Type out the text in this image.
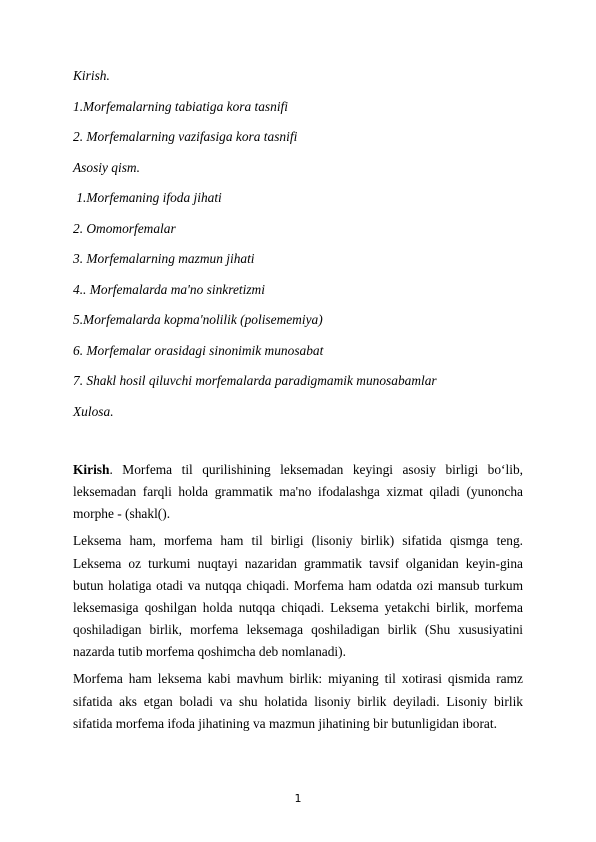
Kirish.
1.Morfemalarning tabiatiga kora tasnifi
2. Morfemalarning vazifasiga kora tasnifi
Asosiy qism.
1.Morfemaning ifoda jihati
2. Omomorfemalar
3. Morfemalarning mazmun jihati
4.. Morfemalarda ma'no sinkretizmi
5.Morfemalarda kopma'nolilik (polisememiya)
6. Morfemalar orasidagi sinonimik munosabat
7. Shakl hosil qiluvchi morfemalarda paradigmamik munosabamlar
Xulosa.

Kirish. Morfema til qurilishining leksemadan keyingi asosiy birligi bo‘lib, leksemadan farqli holda grammatik ma'no ifodalashga xizmat qiladi (yunoncha morphe - (shakl().

Leksema ham, morfema ham til birligi (lisoniy birlik) sifatida qismga teng. Leksema oz turkumi nuqtayi nazaridan grammatik tavsif olganidan keyin-gina butun holatiga otadi va nutqqa chiqadi. Morfema ham odatda ozi mansub turkum leksemasiga qoshilgan holda nutqqa chiqadi. Leksema yetakchi birlik, morfema qoshiladigan birlik, morfema leksemaga qoshiladigan birlik (Shu xususiyatini nazarda tutib morfema qoshimcha deb nomlanadi).

Morfema ham leksema kabi mavhum birlik: miyaning til xotirasi qismida ramz sifatida aks etgan boladi va shu holatida lisoniy birlik deyiladi. Lisoniy birlik sifatida morfema ifoda jihatining va mazmun jihatining bir butunligidan iborat.

1
